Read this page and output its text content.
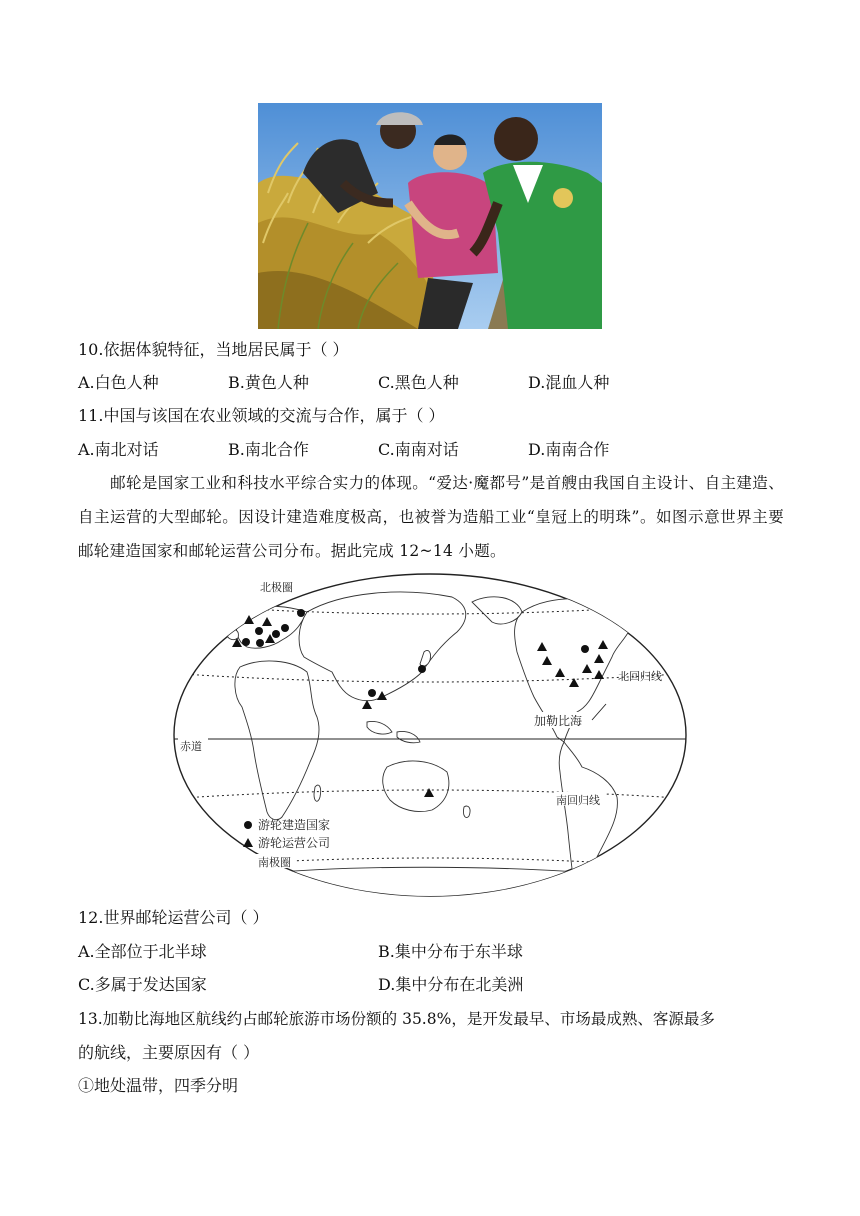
10.依据体貌特征，当地居民属于（ ）
A.白色人种	B.黄色人种	C.黑色人种	D.混血人种
11.中国与该国在农业领域的交流与合作，属于（ ）
A.南北对话	B.南北合作	C.南南对话	D.南南合作
邮轮是国家工业和科技水平综合实力的体现。“爱达·魔都号”是首艘由我国自主设计、自主建造、自主运营的大型邮轮。因设计建造难度极高，也被誉为造船工业“皇冠上的明珠”。如图示意世界主要邮轮建造国家和邮轮运营公司分布。据此完成 12~14 小题。
北极圈
北回归线
加勒比海
赤道
南回归线
南极圈
游轮建造国家
游轮运营公司
12.世界邮轮运营公司（ ）
A.全部位于北半球	B.集中分布于东半球
C.多属于发达国家	D.集中分布在北美洲
13.加勒比海地区航线约占邮轮旅游市场份额的 35.8%，是开发最早、市场最成熟、客源最多
的航线，主要原因有（ ）
①地处温带，四季分明
